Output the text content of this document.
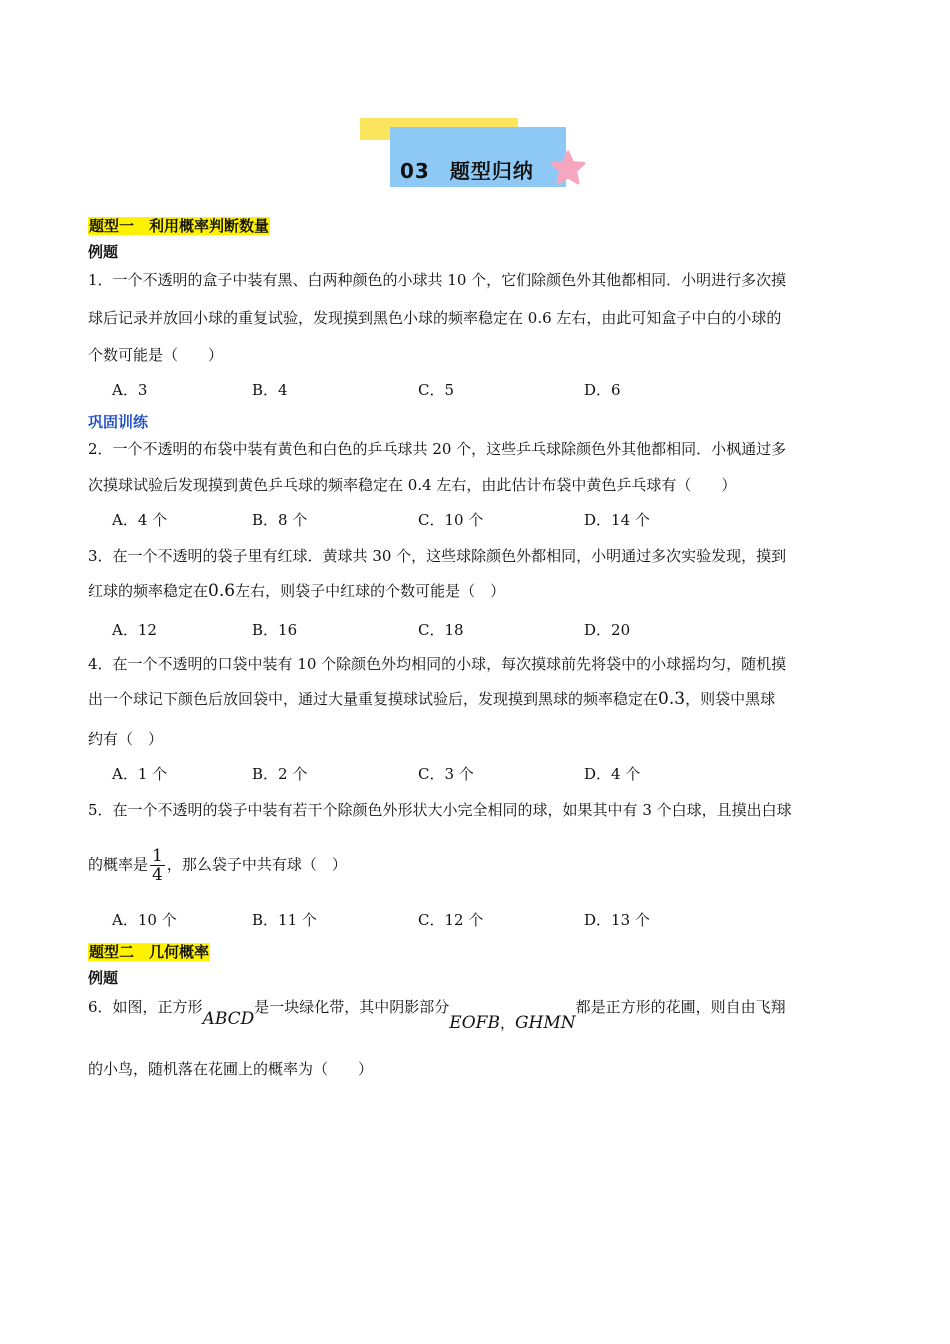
03 题型归纳
题型一　利用概率判断数量
例题
1．一个不透明的盒子中装有黑、白两种颜色的小球共 10 个，它们除颜色外其他都相同．小明进行多次摸
球后记录并放回小球的重复试验，发现摸到黑色小球的频率稳定在 0.6 左右，由此可知盒子中白的小球的
个数可能是（　　）
A．3	B．4	C．5	D．6
巩固训练
2．一个不透明的布袋中装有黄色和白色的乒乓球共 20 个，这些乒乓球除颜色外其他都相同．小枫通过多
次摸球试验后发现摸到黄色乒乓球的频率稳定在 0.4 左右，由此估计布袋中黄色乒乓球有（　　）
A．4 个	B．8 个	C．10 个	D．14 个
3．在一个不透明的袋子里有红球．黄球共 30 个，这些球除颜色外都相同，小明通过多次实验发现，摸到
红球的频率稳定在0.6左右，则袋子中红球的个数可能是（　）
A．12	B．16	C．18	D．20
4．在一个不透明的口袋中装有 10 个除颜色外均相同的小球，每次摸球前先将袋中的小球摇均匀，随机摸
出一个球记下颜色后放回袋中，通过大量重复摸球试验后，发现摸到黑球的频率稳定在0.3，则袋中黑球
约有（　）
A．1 个	B．2 个	C．3 个	D．4 个
5．在一个不透明的袋子中装有若干个除颜色外形状大小完全相同的球，如果其中有 3 个白球，且摸出白球
的概率是 $\frac{1}{4}$ ，那么袋子中共有球（　）
A．10 个	B．11 个	C．12 个	D．13 个
题型二　几何概率
例题
6．如图，正方形ABCD是一块绿化带，其中阴影部分EOFB，GHMN都是正方形的花圃，则自由飞翔
的小鸟，随机落在花圃上的概率为（　　）
